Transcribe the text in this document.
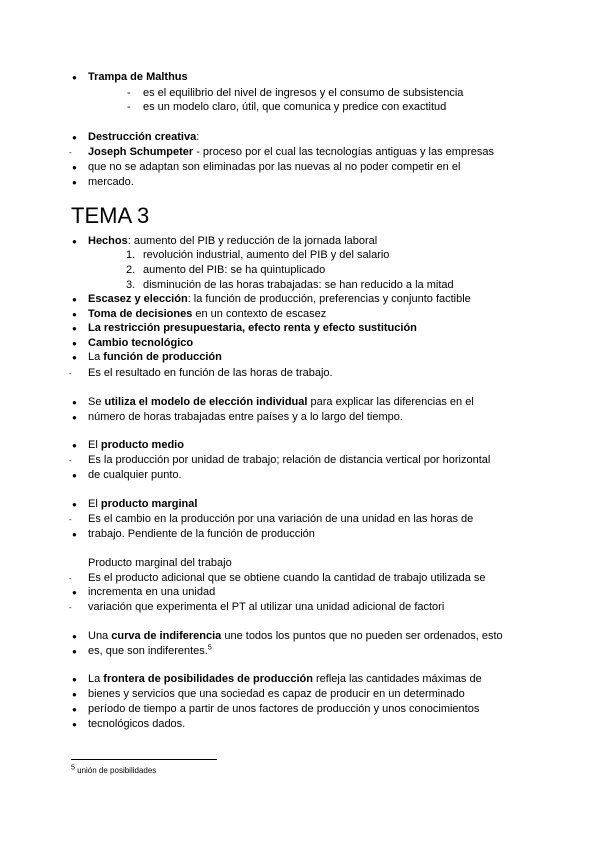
● Trampa de Malthus
- es el equilibrio del nivel de ingresos y el consumo de subsistencia
- es un modelo claro, útil, que comunica y predice con exactitud
● Destrucción creativa:
- Joseph Schumpeter - proceso por el cual las tecnologías antiguas y las empresas
● que no se adaptan son eliminadas por las nuevas al no poder competir en el
● mercado.
TEMA 3
● Hechos: aumento del PIB y reducción de la jornada laboral
1. revolución industrial, aumento del PIB y del salario
2. aumento del PIB: se ha quintuplicado
3. disminución de las horas trabajadas: se han reducido a la mitad
● Escasez y elección: la función de producción, preferencias y conjunto factible
● Toma de decisiones en un contexto de escasez
● La restricción presupuestaria, efecto renta y efecto sustitución
● Cambio tecnológico
● La función de producción
- Es el resultado en función de las horas de trabajo.
● Se utiliza el modelo de elección individual para explicar las diferencias en el
● número de horas trabajadas entre países y a lo largo del tiempo.
● El producto medio
- Es la producción por unidad de trabajo; relación de distancia vertical por horizontal
● de cualquier punto.
● El producto marginal
- Es el cambio en la producción por una variación de una unidad en las horas de
● trabajo. Pendiente de la función de producción
Producto marginal del trabajo
- Es el producto adicional que se obtiene cuando la cantidad de trabajo utilizada se
● incrementa en una unidad
- variación que experimenta el PT al utilizar una unidad adicional de factori
● Una curva de indiferencia une todos los puntos que no pueden ser ordenados, esto
● es, que son indiferentes.$^5$
● La frontera de posibilidades de producción refleja las cantidades máximas de
● bienes y servicios que una sociedad es capaz de producir en un determinado
● período de tiempo a partir de unos factores de producción y unos conocimientos
● tecnológicos dados.
$^5$ unión de posibilidades
